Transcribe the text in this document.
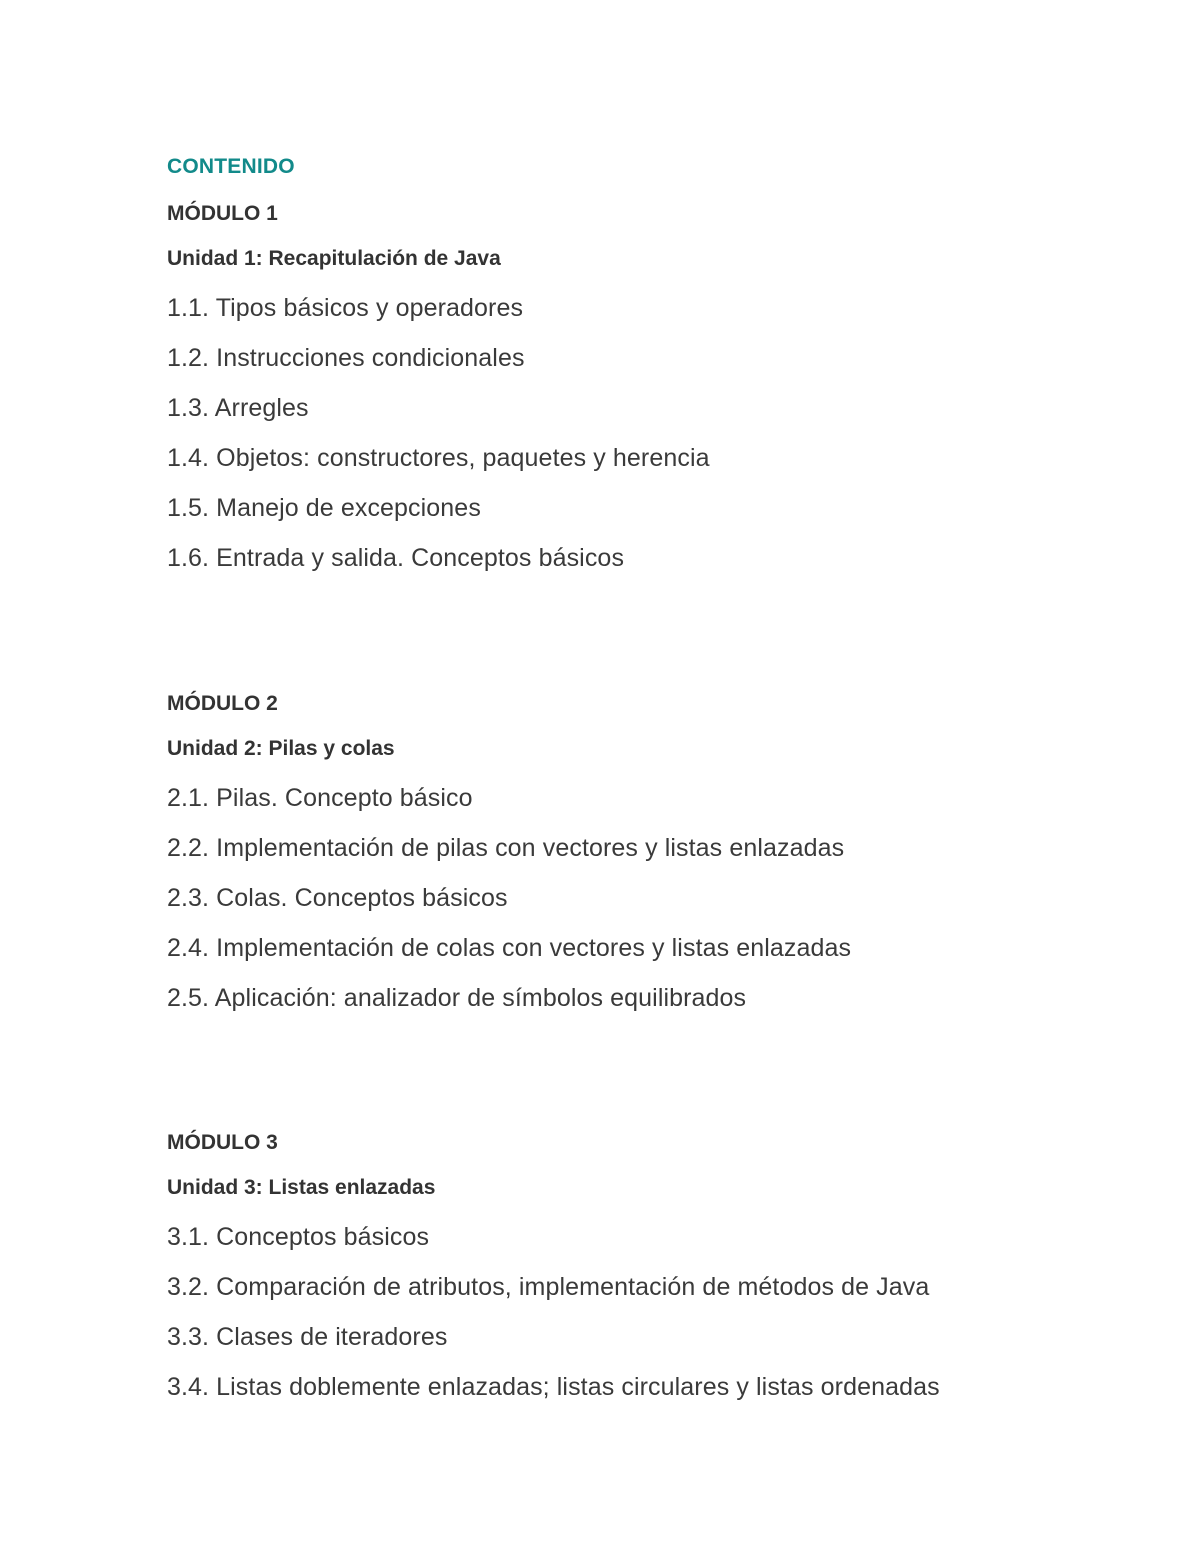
CONTENIDO
MÓDULO 1
Unidad 1: Recapitulación de Java
1.1. Tipos básicos y operadores
1.2. Instrucciones condicionales
1.3. Arregles
1.4. Objetos: constructores, paquetes y herencia
1.5. Manejo de excepciones
1.6. Entrada y salida. Conceptos básicos
MÓDULO 2
Unidad 2: Pilas y colas
2.1. Pilas. Concepto básico
2.2. Implementación de pilas con vectores y listas enlazadas
2.3. Colas. Conceptos básicos
2.4. Implementación de colas con vectores y listas enlazadas
2.5. Aplicación: analizador de símbolos equilibrados
MÓDULO 3
Unidad 3: Listas enlazadas
3.1. Conceptos básicos
3.2. Comparación de atributos, implementación de métodos de Java
3.3. Clases de iteradores
3.4. Listas doblemente enlazadas; listas circulares y listas ordenadas
